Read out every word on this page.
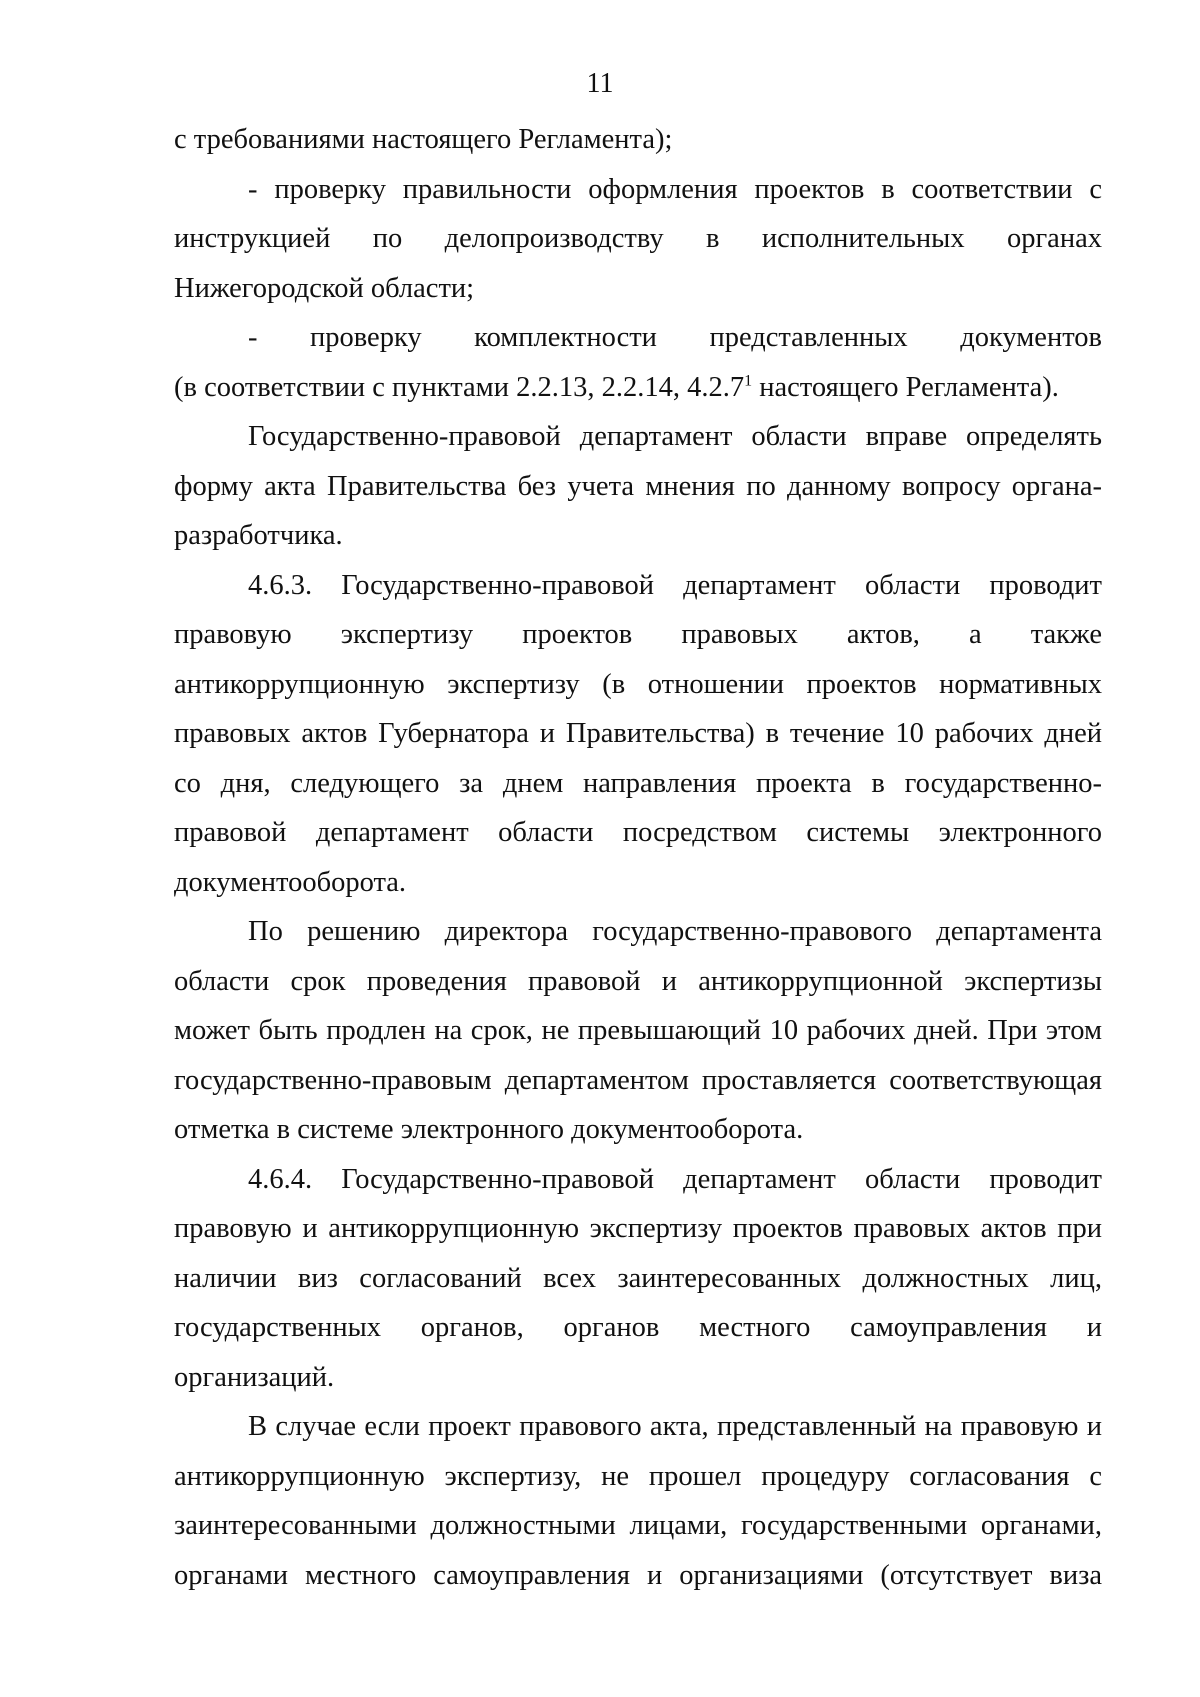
11

с требованиями настоящего Регламента);

- проверку правильности оформления проектов в соответствии с
инструкцией по делопроизводству в исполнительных органах
Нижегородской области;

- проверку комплектности представленных документов
(в соответствии с пунктами 2.2.13, 2.2.14, 4.2.7$^1$ настоящего Регламента).

Государственно-правовой департамент области вправе определять
форму акта Правительства без учета мнения по данному вопросу органа-
разработчика.

4.6.3. Государственно-правовой департамент области проводит
правовую экспертизу проектов правовых актов, а также
антикоррупционную экспертизу (в отношении проектов нормативных
правовых актов Губернатора и Правительства) в течение 10 рабочих дней
со дня, следующего за днем направления проекта в государственно-
правовой департамент области посредством системы электронного
документооборота.

По решению директора государственно-правового департамента
области срок проведения правовой и антикоррупционной экспертизы
может быть продлен на срок, не превышающий 10 рабочих дней. При этом
государственно-правовым департаментом проставляется соответствующая
отметка в системе электронного документооборота.

4.6.4. Государственно-правовой департамент области проводит
правовую и антикоррупционную экспертизу проектов правовых актов при
наличии виз согласований всех заинтересованных должностных лиц,
государственных органов, органов местного самоуправления и
организаций.

В случае если проект правового акта, представленный на правовую и
антикоррупционную экспертизу, не прошел процедуру согласования с
заинтересованными должностными лицами, государственными органами,
органами местного самоуправления и организациями (отсутствует виза
